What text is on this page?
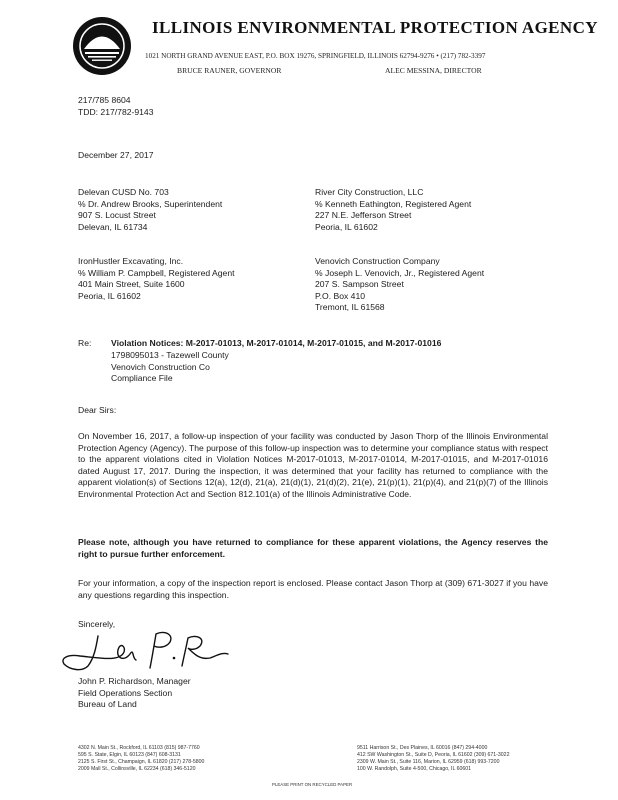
ILLINOIS ENVIRONMENTAL PROTECTION AGENCY
1021 NORTH GRAND AVENUE EAST, P.O. BOX 19276, SPRINGFIELD, ILLINOIS 62794-9276 • (217) 782-3397
BRUCE RAUNER, GOVERNOR	ALEC MESSINA, DIRECTOR
217/785 8604
TDD: 217/782-9143
December 27, 2017
Delevan CUSD No. 703
% Dr. Andrew Brooks, Superintendent
907 S. Locust Street
Delevan, IL 61734
River City Construction, LLC
% Kenneth Eathington, Registered Agent
227 N.E. Jefferson Street
Peoria, IL 61602
IronHustler Excavating, Inc.
% William P. Campbell, Registered Agent
401 Main Street, Suite 1600
Peoria, IL 61602
Venovich Construction Company
% Joseph L. Venovich, Jr., Registered Agent
207 S. Sampson Street
P.O. Box 410
Tremont, IL 61568
Re: Violation Notices: M-2017-01013, M-2017-01014, M-2017-01015, and M-2017-01016
1798095013 - Tazewell County
Venovich Construction Co
Compliance File
Dear Sirs:
On November 16, 2017, a follow-up inspection of your facility was conducted by Jason Thorp of the Illinois Environmental Protection Agency (Agency). The purpose of this follow-up inspection was to determine your compliance status with respect to the apparent violations cited in Violation Notices M-2017-01013, M-2017-01014, M-2017-01015, and M-2017-01016 dated August 17, 2017. During the inspection, it was determined that your facility has returned to compliance with the apparent violation(s) of Sections 12(a), 12(d), 21(a), 21(d)(1), 21(d)(2), 21(e), 21(p)(1), 21(p)(4), and 21(p)(7) of the Illinois Environmental Protection Act and Section 812.101(a) of the Illinois Administrative Code.
Please note, although you have returned to compliance for these apparent violations, the Agency reserves the right to pursue further enforcement.
For your information, a copy of the inspection report is enclosed. Please contact Jason Thorp at (309) 671-3027 if you have any questions regarding this inspection.
Sincerely,
John P. Richardson, Manager
Field Operations Section
Bureau of Land
4302 N. Main St., Rockford, IL 61103 (815) 987-7760
595 S. State, Elgin, IL 60123 (847) 608-3131
2125 S. First St., Champaign, IL 61820 (217) 278-5800
2009 Mall St., Collinsville, IL 62234 (618) 346-5120
9511 Harrison St., Des Plaines, IL 60016 (847) 294-4000
412 SW Washington St., Suite D, Peoria, IL 61602 (309) 671-3022
2309 W. Main St., Suite 116, Marion, IL 62959 (618) 993-7200
100 W. Randolph, Suite 4-500, Chicago, IL 60601
PLEASE PRINT ON RECYCLED PAPER
